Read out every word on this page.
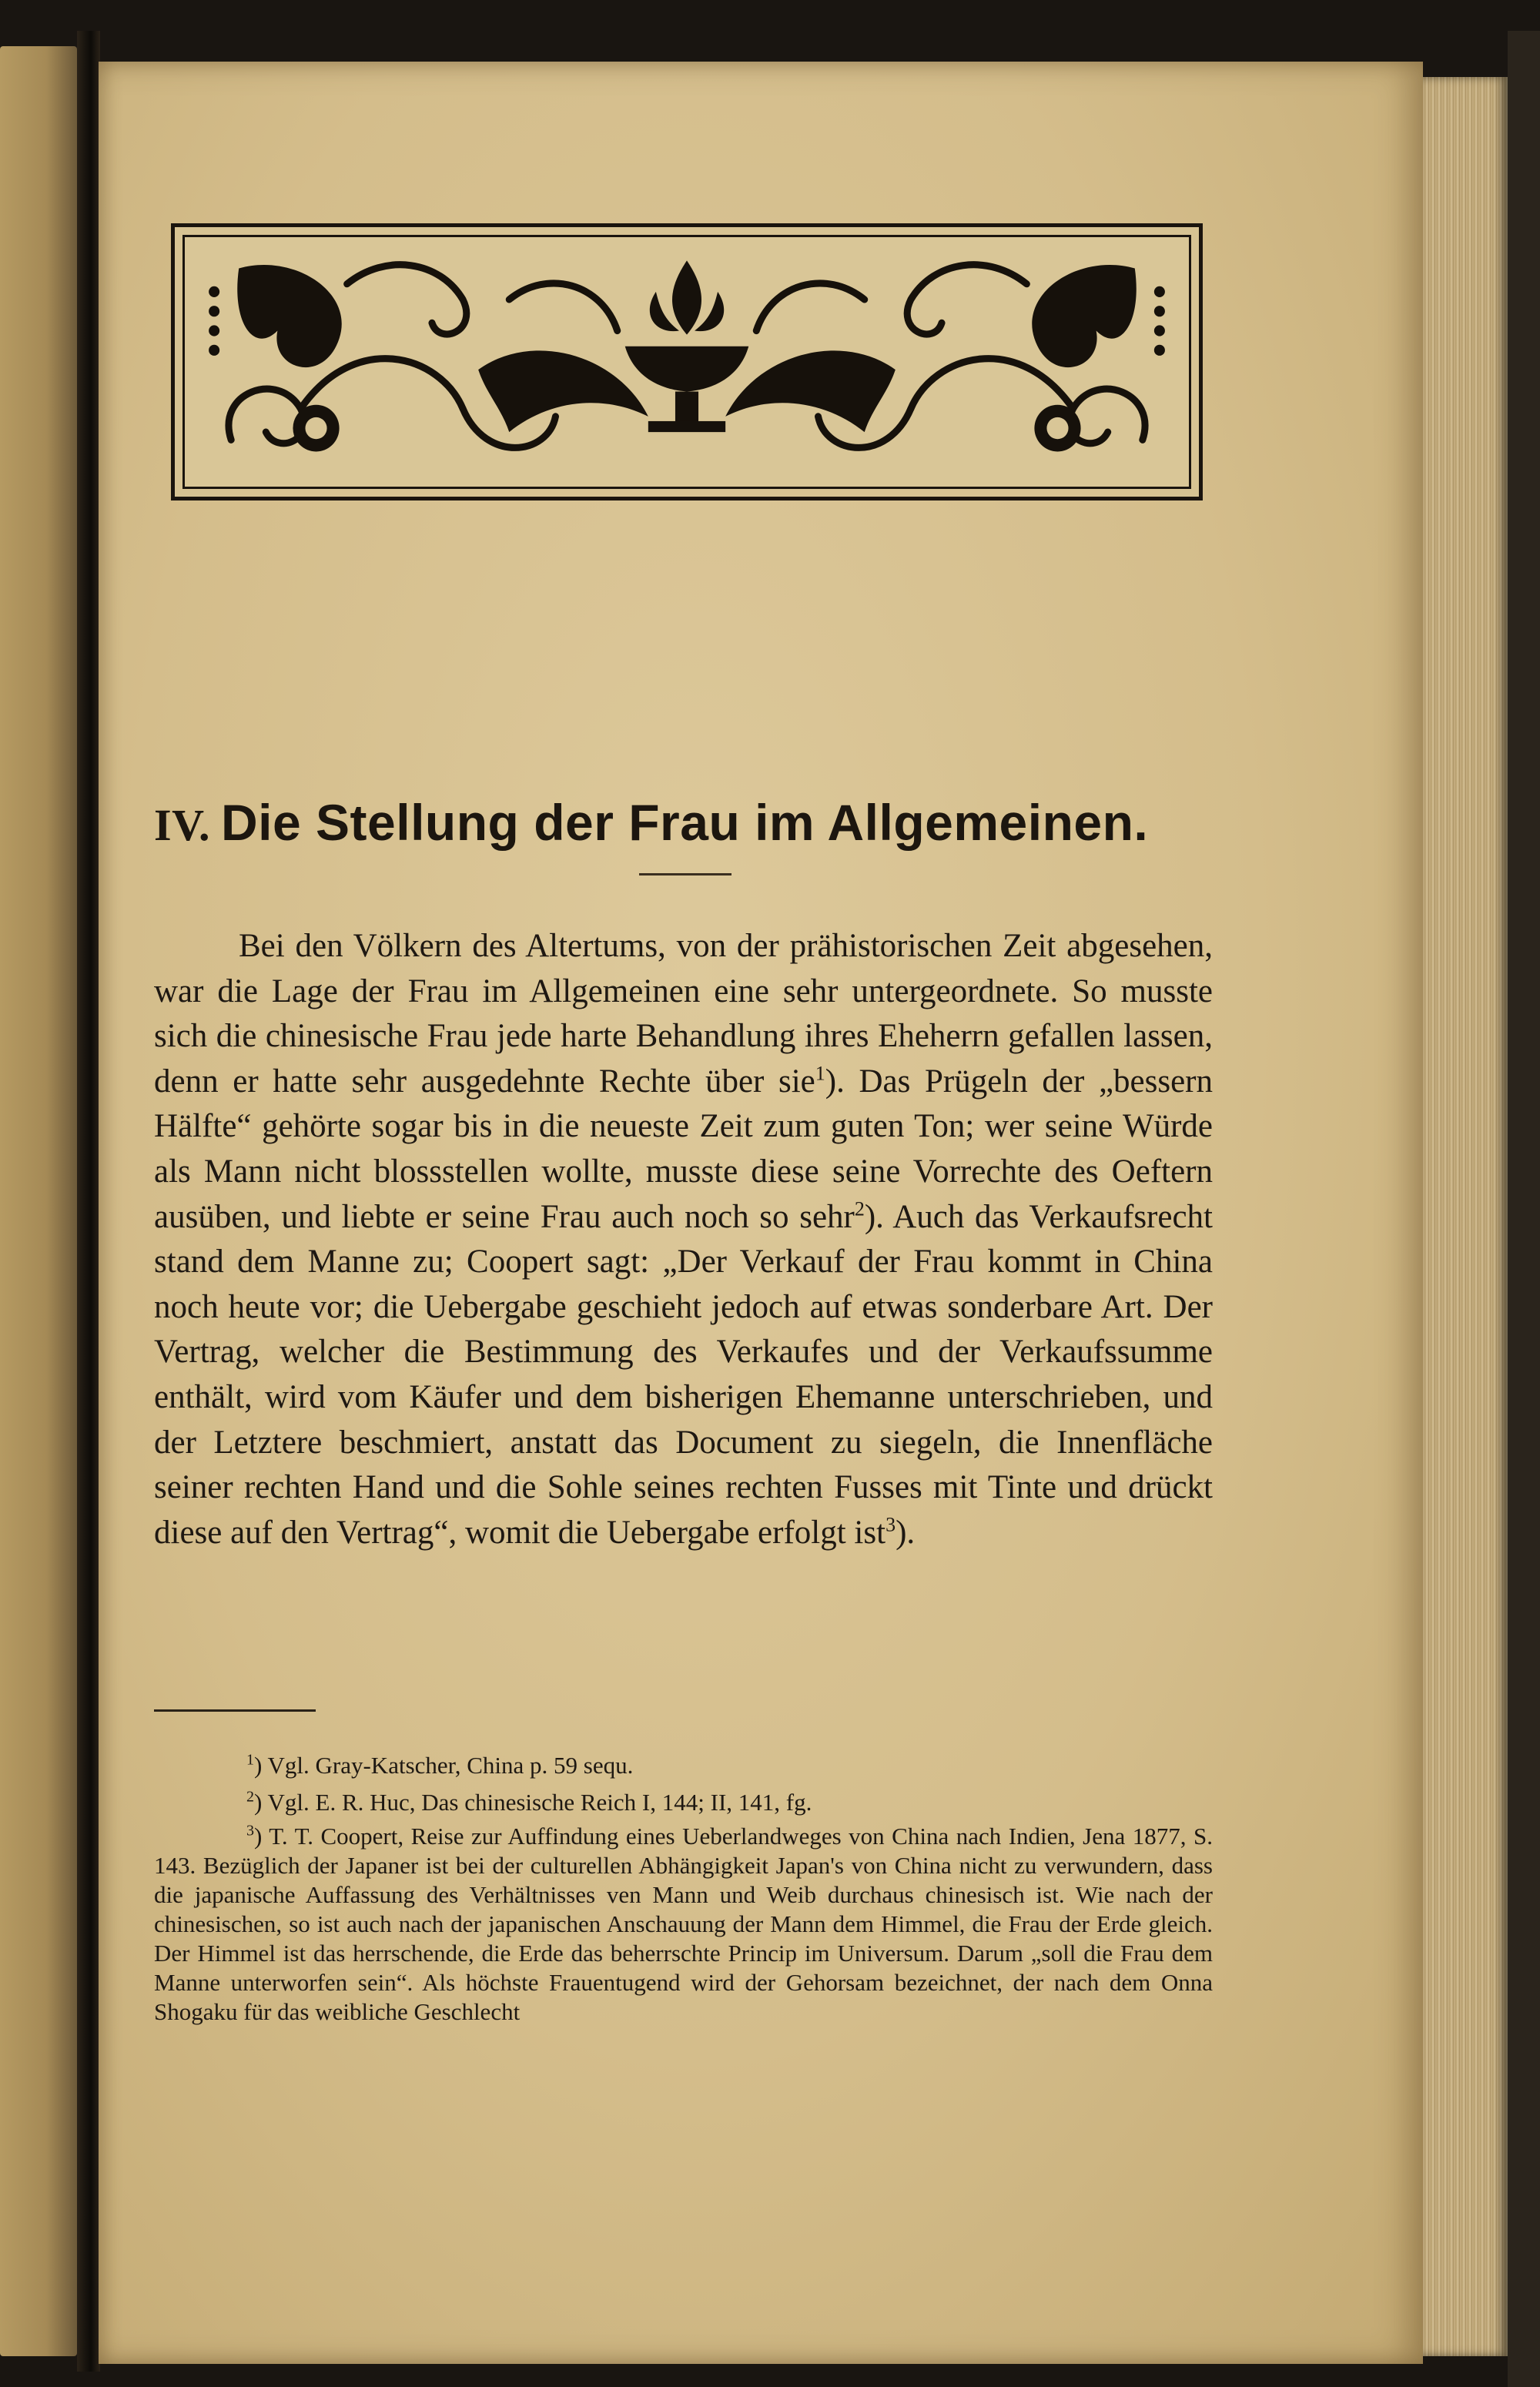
IV. Die Stellung der Frau im Allgemeinen.

Bei den Völkern des Altertums, von der prähistorischen Zeit abgesehen, war die Lage der Frau im Allgemeinen eine sehr untergeordnete. So musste sich die chinesische Frau jede harte Behandlung ihres Eheherrn gefallen lassen, denn er hatte sehr ausgedehnte Rechte über sie$^1$). Das Prügeln der „bessern Hälfte“ gehörte sogar bis in die neueste Zeit zum guten Ton; wer seine Würde als Mann nicht blossstellen wollte, musste diese seine Vorrechte des Oeftern ausüben, und liebte er seine Frau auch noch so sehr$^2$). Auch das Verkaufsrecht stand dem Manne zu; Coopert sagt: „Der Verkauf der Frau kommt in China noch heute vor; die Uebergabe geschieht jedoch auf etwas sonderbare Art. Der Vertrag, welcher die Bestimmung des Verkaufes und der Verkaufssumme enthält, wird vom Käufer und dem bisherigen Ehemanne unterschrieben, und der Letztere beschmiert, anstatt das Document zu siegeln, die Innenfläche seiner rechten Hand und die Sohle seines rechten Fusses mit Tinte und drückt diese auf den Vertrag“, womit die Uebergabe erfolgt ist$^3$).

$^1$) Vgl. Gray-Katscher, China p. 59 sequ.

$^2$) Vgl. E. R. Huc, Das chinesische Reich I, 144; II, 141, fg.

$^3$) T. T. Coopert, Reise zur Auffindung eines Ueberlandweges von China nach Indien, Jena 1877, S. 143. Bezüglich der Japaner ist bei der culturellen Abhängigkeit Japan's von China nicht zu verwundern, dass die japanische Auffassung des Verhältnisses ven Mann und Weib durchaus chinesisch ist. Wie nach der chinesischen, so ist auch nach der japanischen Anschauung der Mann dem Himmel, die Frau der Erde gleich. Der Himmel ist das herrschende, die Erde das beherrschte Princip im Universum. Darum „soll die Frau dem Manne unterworfen sein“. Als höchste Frauentugend wird der Gehorsam bezeichnet, der nach dem Onna Shogaku für das weibliche Geschlecht
